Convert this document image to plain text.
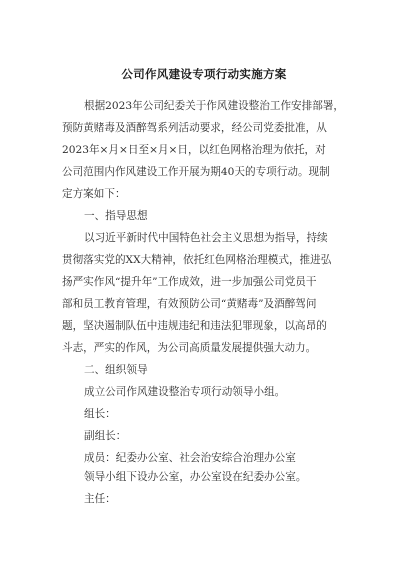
公司作风建设专项行动实施方案
根据2023年公司纪委关于作风建设整治工作安排部署，
预防黄赌毒及酒醉驾系列活动要求，经公司党委批准，从
2023年×月×日至×月×日，以红色网格治理为依托，对
公司范围内作风建设工作开展为期40天的专项行动。现制
定方案如下：
一、指导思想
以习近平新时代中国特色社会主义思想为指导，持续
贯彻落实党的XX大精神，依托红色网格治理模式，推进弘
扬严实作风“提升年”工作成效，进一步加强公司党员干
部和员工教育管理，有效预防公司“黄赌毒”及酒醉驾问
题，坚决遏制队伍中违规违纪和违法犯罪现象，以高昂的
斗志，严实的作风，为公司高质量发展提供强大动力。
二、组织领导
成立公司作风建设整治专项行动领导小组。
组长：
副组长：
成员：纪委办公室、社会治安综合治理办公室
领导小组下设办公室，办公室设在纪委办公室。
主任：
